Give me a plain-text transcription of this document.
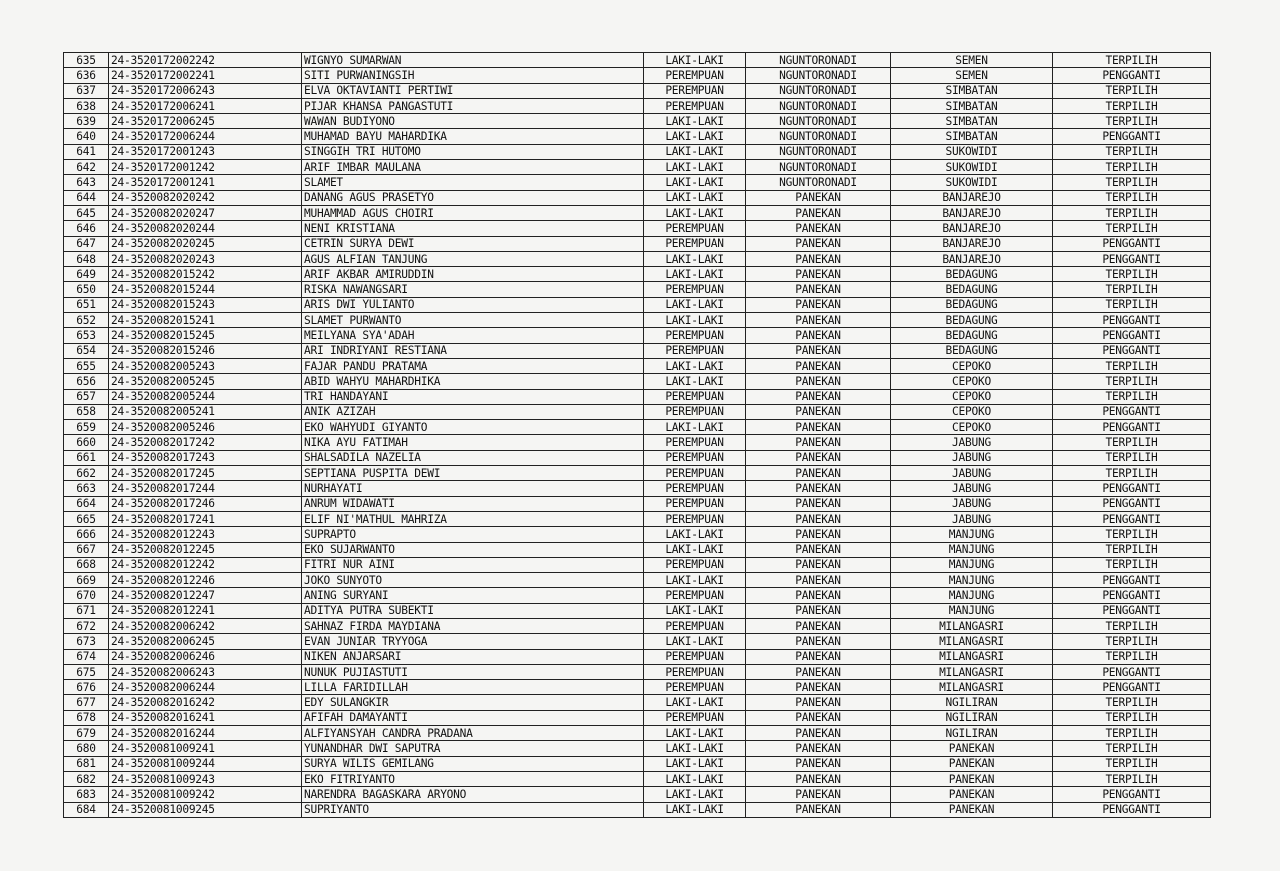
635	24-3520172002242	WIGNYO SUMARWAN	LAKI-LAKI	NGUNTORONADI	SEMEN	TERPILIH
636	24-3520172002241	SITI PURWANINGSIH	PEREMPUAN	NGUNTORONADI	SEMEN	PENGGANTI
637	24-3520172006243	ELVA OKTAVIANTI PERTIWI	PEREMPUAN	NGUNTORONADI	SIMBATAN	TERPILIH
638	24-3520172006241	PIJAR KHANSA PANGASTUTI	PEREMPUAN	NGUNTORONADI	SIMBATAN	TERPILIH
639	24-3520172006245	WAWAN BUDIYONO	LAKI-LAKI	NGUNTORONADI	SIMBATAN	TERPILIH
640	24-3520172006244	MUHAMAD BAYU MAHARDIKA	LAKI-LAKI	NGUNTORONADI	SIMBATAN	PENGGANTI
641	24-3520172001243	SINGGIH TRI HUTOMO	LAKI-LAKI	NGUNTORONADI	SUKOWIDI	TERPILIH
642	24-3520172001242	ARIF IMBAR MAULANA	LAKI-LAKI	NGUNTORONADI	SUKOWIDI	TERPILIH
643	24-3520172001241	SLAMET	LAKI-LAKI	NGUNTORONADI	SUKOWIDI	TERPILIH
644	24-3520082020242	DANANG AGUS PRASETYO	LAKI-LAKI	PANEKAN	BANJAREJO	TERPILIH
645	24-3520082020247	MUHAMMAD AGUS CHOIRI	LAKI-LAKI	PANEKAN	BANJAREJO	TERPILIH
646	24-3520082020244	NENI KRISTIANA	PEREMPUAN	PANEKAN	BANJAREJO	TERPILIH
647	24-3520082020245	CETRIN SURYA DEWI	PEREMPUAN	PANEKAN	BANJAREJO	PENGGANTI
648	24-3520082020243	AGUS ALFIAN TANJUNG	LAKI-LAKI	PANEKAN	BANJAREJO	PENGGANTI
649	24-3520082015242	ARIF AKBAR AMIRUDDIN	LAKI-LAKI	PANEKAN	BEDAGUNG	TERPILIH
650	24-3520082015244	RISKA NAWANGSARI	PEREMPUAN	PANEKAN	BEDAGUNG	TERPILIH
651	24-3520082015243	ARIS DWI YULIANTO	LAKI-LAKI	PANEKAN	BEDAGUNG	TERPILIH
652	24-3520082015241	SLAMET PURWANTO	LAKI-LAKI	PANEKAN	BEDAGUNG	PENGGANTI
653	24-3520082015245	MEILYANA SYA'ADAH	PEREMPUAN	PANEKAN	BEDAGUNG	PENGGANTI
654	24-3520082015246	ARI INDRIYANI RESTIANA	PEREMPUAN	PANEKAN	BEDAGUNG	PENGGANTI
655	24-3520082005243	FAJAR PANDU PRATAMA	LAKI-LAKI	PANEKAN	CEPOKO	TERPILIH
656	24-3520082005245	ABID WAHYU MAHARDHIKA	LAKI-LAKI	PANEKAN	CEPOKO	TERPILIH
657	24-3520082005244	TRI HANDAYANI	PEREMPUAN	PANEKAN	CEPOKO	TERPILIH
658	24-3520082005241	ANIK AZIZAH	PEREMPUAN	PANEKAN	CEPOKO	PENGGANTI
659	24-3520082005246	EKO WAHYUDI GIYANTO	LAKI-LAKI	PANEKAN	CEPOKO	PENGGANTI
660	24-3520082017242	NIKA AYU FATIMAH	PEREMPUAN	PANEKAN	JABUNG	TERPILIH
661	24-3520082017243	SHALSADILA NAZELIA	PEREMPUAN	PANEKAN	JABUNG	TERPILIH
662	24-3520082017245	SEPTIANA PUSPITA DEWI	PEREMPUAN	PANEKAN	JABUNG	TERPILIH
663	24-3520082017244	NURHAYATI	PEREMPUAN	PANEKAN	JABUNG	PENGGANTI
664	24-3520082017246	ANRUM WIDAWATI	PEREMPUAN	PANEKAN	JABUNG	PENGGANTI
665	24-3520082017241	ELIF NI'MATHUL MAHRIZA	PEREMPUAN	PANEKAN	JABUNG	PENGGANTI
666	24-3520082012243	SUPRAPTO	LAKI-LAKI	PANEKAN	MANJUNG	TERPILIH
667	24-3520082012245	EKO SUJARWANTO	LAKI-LAKI	PANEKAN	MANJUNG	TERPILIH
668	24-3520082012242	FITRI NUR AINI	PEREMPUAN	PANEKAN	MANJUNG	TERPILIH
669	24-3520082012246	JOKO SUNYOTO	LAKI-LAKI	PANEKAN	MANJUNG	PENGGANTI
670	24-3520082012247	ANING SURYANI	PEREMPUAN	PANEKAN	MANJUNG	PENGGANTI
671	24-3520082012241	ADITYA PUTRA SUBEKTI	LAKI-LAKI	PANEKAN	MANJUNG	PENGGANTI
672	24-3520082006242	SAHNAZ FIRDA MAYDIANA	PEREMPUAN	PANEKAN	MILANGASRI	TERPILIH
673	24-3520082006245	EVAN JUNIAR TRYYOGA	LAKI-LAKI	PANEKAN	MILANGASRI	TERPILIH
674	24-3520082006246	NIKEN ANJARSARI	PEREMPUAN	PANEKAN	MILANGASRI	TERPILIH
675	24-3520082006243	NUNUK PUJIASTUTI	PEREMPUAN	PANEKAN	MILANGASRI	PENGGANTI
676	24-3520082006244	LILLA FARIDILLAH	PEREMPUAN	PANEKAN	MILANGASRI	PENGGANTI
677	24-3520082016242	EDY SULANGKIR	LAKI-LAKI	PANEKAN	NGILIRAN	TERPILIH
678	24-3520082016241	AFIFAH DAMAYANTI	PEREMPUAN	PANEKAN	NGILIRAN	TERPILIH
679	24-3520082016244	ALFIYANSYAH CANDRA PRADANA	LAKI-LAKI	PANEKAN	NGILIRAN	TERPILIH
680	24-3520081009241	YUNANDHAR DWI SAPUTRA	LAKI-LAKI	PANEKAN	PANEKAN	TERPILIH
681	24-3520081009244	SURYA WILIS GEMILANG	LAKI-LAKI	PANEKAN	PANEKAN	TERPILIH
682	24-3520081009243	EKO FITRIYANTO	LAKI-LAKI	PANEKAN	PANEKAN	TERPILIH
683	24-3520081009242	NARENDRA BAGASKARA ARYONO	LAKI-LAKI	PANEKAN	PANEKAN	PENGGANTI
684	24-3520081009245	SUPRIYANTO	LAKI-LAKI	PANEKAN	PANEKAN	PENGGANTI
